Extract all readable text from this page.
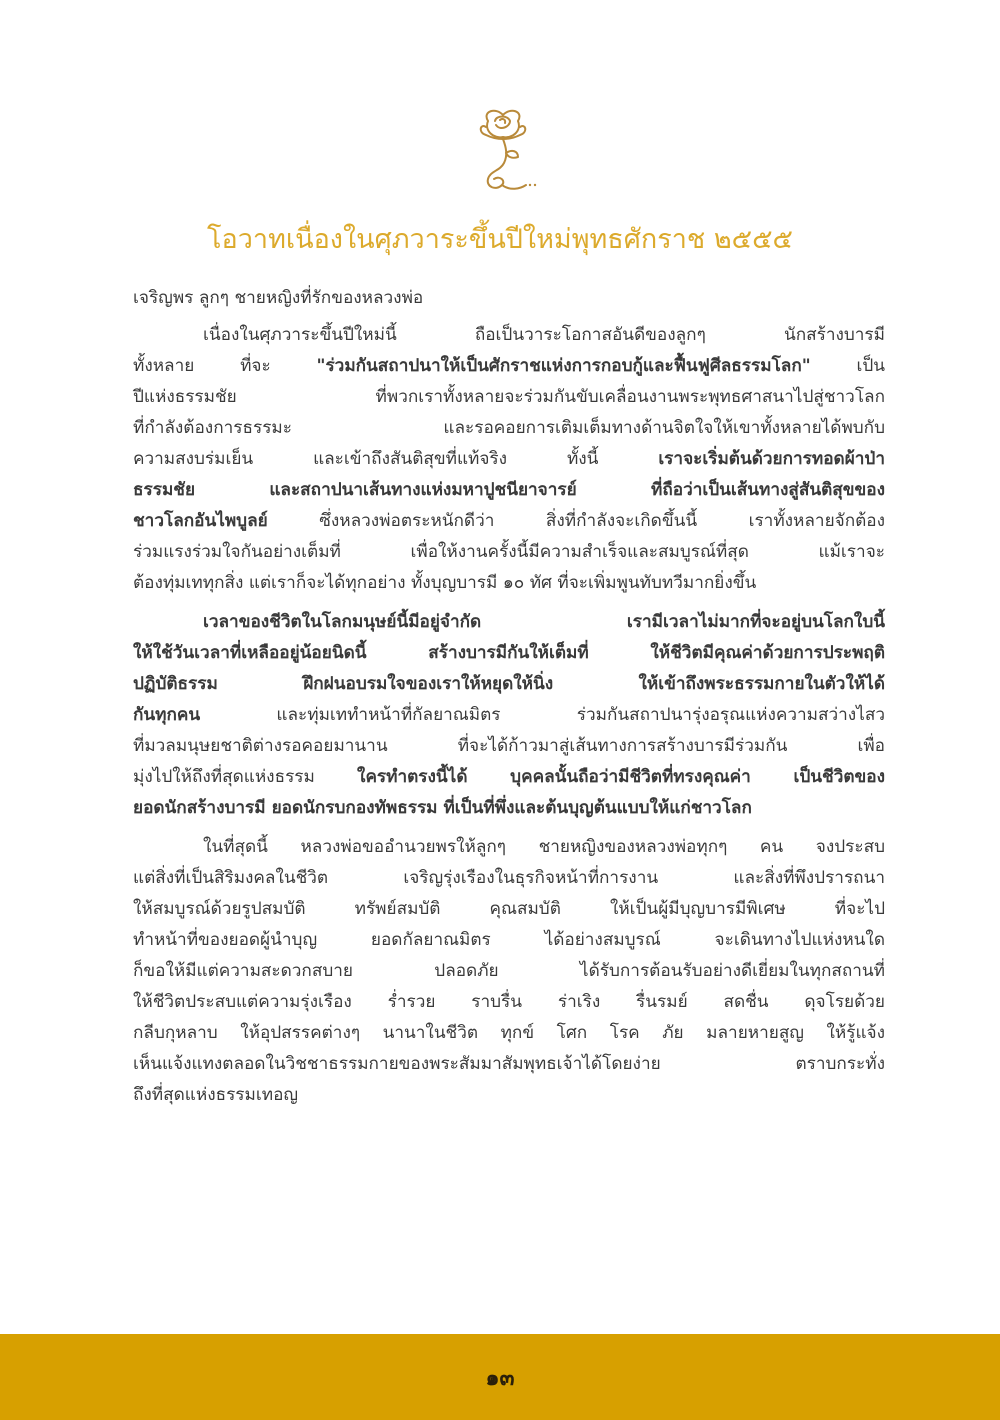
โอวาทเนื่องในศุภวาระขึ้นปีใหม่พุทธศักราช ๒๕๕๕
เจริญพร ลูกๆ ชายหญิงที่รักของหลวงพ่อ
เนื่องในศุภวาระขึ้นปีใหม่นี้ ถือเป็นวาระโอกาสอันดีของลูกๆ นักสร้างบารมี
ทั้งหลาย ที่จะ "ร่วมกันสถาปนาให้เป็นศักราชแห่งการกอบกู้และฟื้นฟูศีลธรรมโลก" เป็น
ปีแห่งธรรมชัย ที่พวกเราทั้งหลายจะร่วมกันขับเคลื่อนงานพระพุทธศาสนาไปสู่ชาวโลก
ที่กำลังต้องการธรรมะ และรอคอยการเติมเต็มทางด้านจิตใจให้เขาทั้งหลายได้พบกับ
ความสงบร่มเย็น และเข้าถึงสันติสุขที่แท้จริง ทั้งนี้ เราจะเริ่มต้นด้วยการทอดผ้าป่า
ธรรมชัย และสถาปนาเส้นทางแห่งมหาปูชนียาจารย์ ที่ถือว่าเป็นเส้นทางสู่สันติสุขของ
ชาวโลกอันไพบูลย์ ซึ่งหลวงพ่อตระหนักดีว่า สิ่งที่กำลังจะเกิดขึ้นนี้ เราทั้งหลายจักต้อง
ร่วมแรงร่วมใจกันอย่างเต็มที่ เพื่อให้งานครั้งนี้มีความสำเร็จและสมบูรณ์ที่สุด แม้เราจะ
ต้องทุ่มเททุกสิ่ง แต่เราก็จะได้ทุกอย่าง ทั้งบุญบารมี ๑๐ ทัศ ที่จะเพิ่มพูนทับทวีมากยิ่งขึ้น
เวลาของชีวิตในโลกมนุษย์นี้มีอยู่จำกัด เรามีเวลาไม่มากที่จะอยู่บนโลกใบนี้
ให้ใช้วันเวลาที่เหลืออยู่น้อยนิดนี้ สร้างบารมีกันให้เต็มที่ ให้ชีวิตมีคุณค่าด้วยการประพฤติ
ปฏิบัติธรรม ฝึกฝนอบรมใจของเราให้หยุดให้นิ่ง ให้เข้าถึงพระธรรมกายในตัวให้ได้
กันทุกคน และทุ่มเททำหน้าที่กัลยาณมิตร ร่วมกันสถาปนารุ่งอรุณแห่งความสว่างไสว
ที่มวลมนุษยชาติต่างรอคอยมานาน ที่จะได้ก้าวมาสู่เส้นทางการสร้างบารมีร่วมกัน เพื่อ
มุ่งไปให้ถึงที่สุดแห่งธรรม ใครทำตรงนี้ได้ บุคคลนั้นถือว่ามีชีวิตที่ทรงคุณค่า เป็นชีวิตของ
ยอดนักสร้างบารมี ยอดนักรบกองทัพธรรม ที่เป็นที่พึ่งและต้นบุญต้นแบบให้แก่ชาวโลก
ในที่สุดนี้ หลวงพ่อขออำนวยพรให้ลูกๆ ชายหญิงของหลวงพ่อทุกๆ คน จงประสบ
แต่สิ่งที่เป็นสิริมงคลในชีวิต เจริญรุ่งเรืองในธุรกิจหน้าที่การงาน และสิ่งที่พึงปรารถนา
ให้สมบูรณ์ด้วยรูปสมบัติ ทรัพย์สมบัติ คุณสมบัติ ให้เป็นผู้มีบุญบารมีพิเศษ ที่จะไป
ทำหน้าที่ของยอดผู้นำบุญ ยอดกัลยาณมิตร ได้อย่างสมบูรณ์ จะเดินทางไปแห่งหนใด
ก็ขอให้มีแต่ความสะดวกสบาย ปลอดภัย ได้รับการต้อนรับอย่างดีเยี่ยมในทุกสถานที่
ให้ชีวิตประสบแต่ความรุ่งเรือง ร่ำรวย ราบรื่น ร่าเริง รื่นรมย์ สดชื่น ดุจโรยด้วย
กลีบกุหลาบ ให้อุปสรรคต่างๆ นานาในชีวิต ทุกข์ โศก โรค ภัย มลายหายสูญ ให้รู้แจ้ง
เห็นแจ้งแทงตลอดในวิชชาธรรมกายของพระสัมมาสัมพุทธเจ้าได้โดยง่าย ตราบกระทั่ง
ถึงที่สุดแห่งธรรมเทอญ
๑๓
